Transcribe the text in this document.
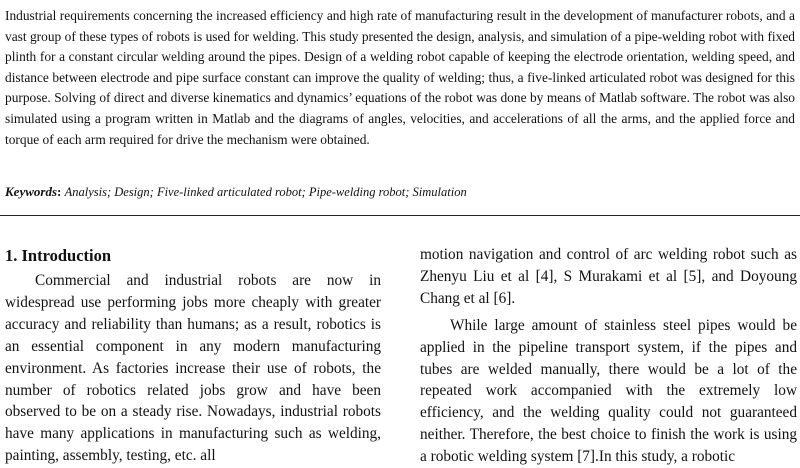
Industrial requirements concerning the increased efficiency and high rate of manufacturing result in the development of manufacturer robots, and a vast group of these types of robots is used for welding. This study presented the design, analysis, and simulation of a pipe-welding robot with fixed plinth for a constant circular welding around the pipes. Design of a welding robot capable of keeping the electrode orientation, welding speed, and distance between electrode and pipe surface constant can improve the quality of welding; thus, a five-linked articulated robot was designed for this purpose. Solving of direct and diverse kinematics and dynamics’ equations of the robot was done by means of Matlab software. The robot was also simulated using a program written in Matlab and the diagrams of angles, velocities, and accelerations of all the arms, and the applied force and torque of each arm required for drive the mechanism were obtained.

Keywords: Analysis; Design; Five-linked articulated robot; Pipe-welding robot; Simulation

1. Introduction

Commercial and industrial robots are now in widespread use performing jobs more cheaply with greater accuracy and reliability than humans; as a result, robotics is an essential component in any modern manufacturing environment. As factories increase their use of robots, the number of robotics related jobs grow and have been observed to be on a steady rise. Nowadays, industrial robots have many applications in manufacturing such as welding, painting, assembly, testing, etc. all

motion navigation and control of arc welding robot such as Zhenyu Liu et al [4], S Murakami et al [5], and Doyoung Chang et al [6].

While large amount of stainless steel pipes would be applied in the pipeline transport system, if the pipes and tubes are welded manually, there would be a lot of the repeated work accompanied with the extremely low efficiency, and the welding quality could not guaranteed neither. Therefore, the best choice to finish the work is using a robotic welding system [7].In this study, a robotic
